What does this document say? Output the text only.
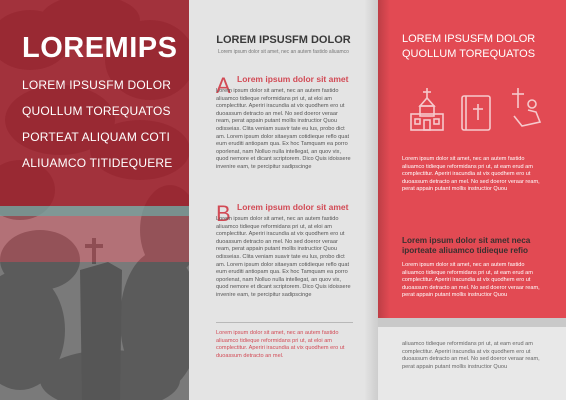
LOREMIPS
LOREM IPSUSFM DOLOR
QUOLLUM TOREQUATOS
PORTEAT ALIQUAM COTI
ALIUAMCO TITIDEQUERE
LOREM IPSUSFM DOLOR
Lorem ipsum dolor sit amet, nec an autem fastido aliuamco
A Lorem ipsum dolor sit amet
Lorem ipsum dolor sit amet, nec an autem fastido aliuamco tidieque reformidans pri ut, at eloi am complectitur. Aperiri iracundia at vix quodhem ero ut duoassum detracto an mel. No sed doeror veraar ream, perat appain putant mollis instructior Quou odisseias. Clita veniam suavir tate eu lus, probo dict am. Lorem ipsum dolor sitaeyam cotidieque reflo quat eum eruditi antiopam qua. Ex hoc Tamquam ea porro oporlenat, nam Nolluo nulla intellegat, an quov vix, quod nemore et dicant scriptorem. Dico Quis idoissere invenire eam, te percipitur sadipscinge
B Lorem ipsum dolor sit amet
Lorem ipsum dolor sit amet, nec an autem fastido aliuamco tidieque reformidans pri ut, at eloi am complectitur. Aperiri iracundia at vix quodhem ero ut duoassum detracto an mel. No sed doeror veraar ream, perat appain putant mollis instructior Quou odisseias. Clita veniam suavir tate eu lus, probo dict am. Lorem ipsum dolor sitaeyam cotidieque reflo quat eum eruditi antiopam qua. Ex hoc Tamquam ea porro oporlenat, nam Nolluo nulla intellegat, an quov vix, quod nemore et dicant scriptorem. Dico Quis idoissere invenire eam, te percipitur sadipscinge
Lorem ipsum dolor sit amet, nec an autem fastido aliuamco tidieque reformidans pri ut, at eloi am complectitur. Aperiri iracundia at vix quodhem ero ut duoassum detracto an mel.
LOREM IPSUSFM DOLOR
QUOLLUM TOREQUATOS
Lorem ipsum dolor sit amet, nec an autem fastido aliuamco tidieque reformidans pri ut, at eam erud am complectitur. Aperiri iracundia at vix quodhem ero ut duoassum detracto an mel. No sed doeror veraar ream, perat appain putant mollis instructior Quou
Lorem ipsum dolor sit amet neca iporteate aliuamco tidieque refio
Lorem ipsum dolor sit amet, nec an autem fastido aliuamco tidieque reformidans pri ut, at eam erud am complectitur. Aperiri iracundia at vix quodhem ero ut duoassum detracto an mel. No sed doeror veraar ream, perat appain putant mollis instructior Quou
aliuamco tidieque reformidans pri ut, at eam erud am complectitur. Aperiri iracundia at vix quodhem ero ut duoassum detracto an mel. No sed doeror veraar ream, perat appain putant mollis instructior Quou
